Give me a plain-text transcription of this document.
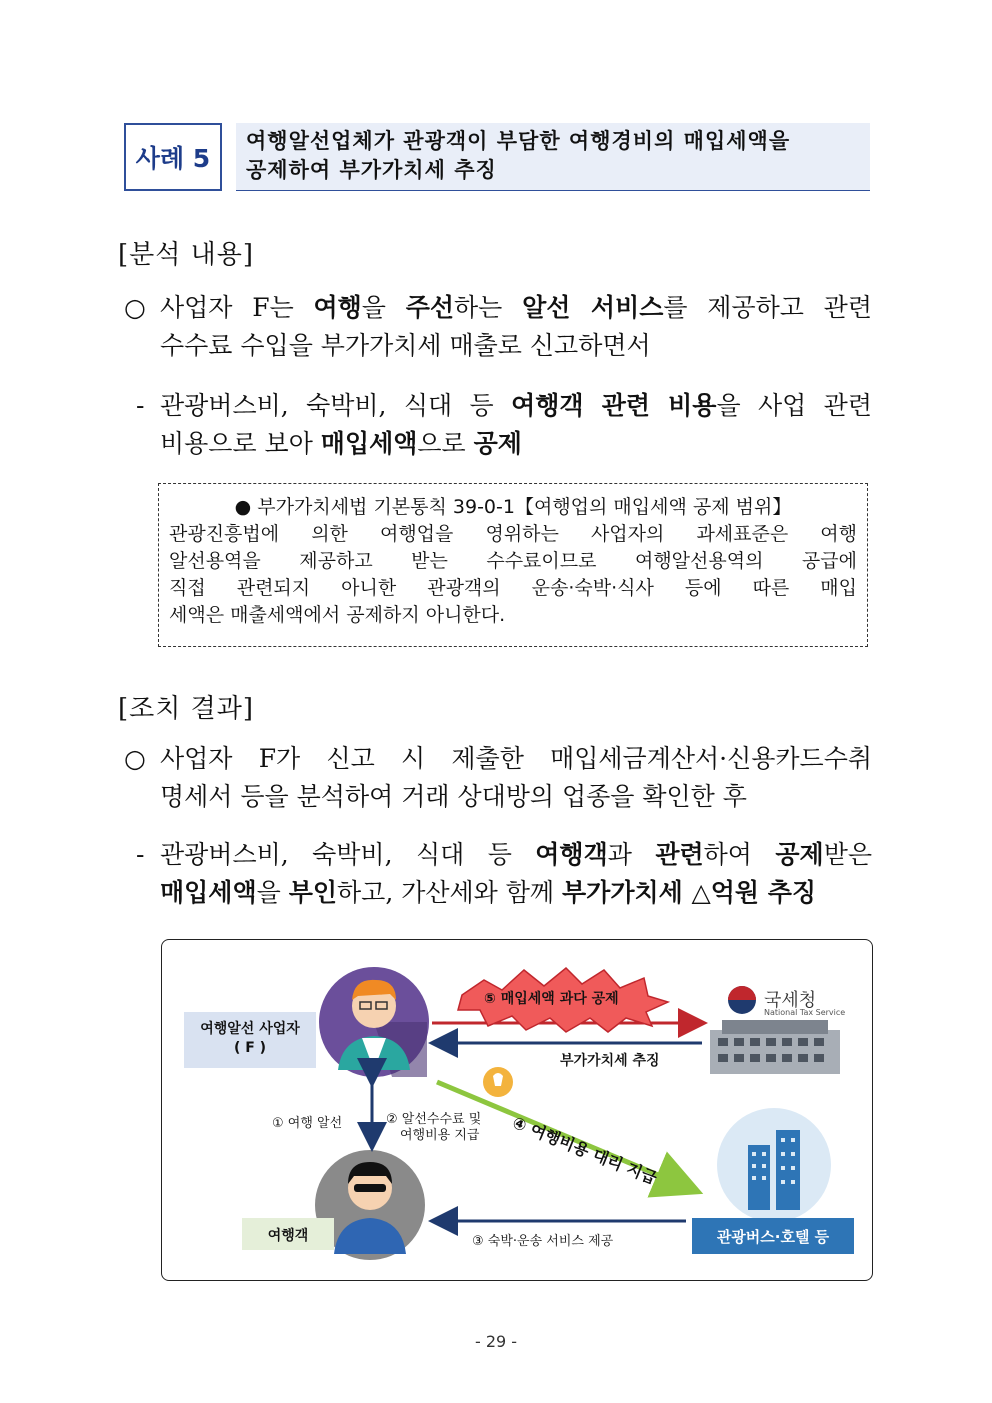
사례 5
여행알선업체가 관광객이 부담한 여행경비의 매입세액을
공제하여 부가가치세 추징
[분석 내용]
○ 사업자 F는 여행을 주선하는 알선 서비스를 제공하고 관련
수수료 수입을 부가가치세 매출로 신고하면서
- 관광버스비, 숙박비, 식대 등 여행객 관련 비용을 사업 관련
비용으로 보아 매입세액으로 공제
● 부가가치세법 기본통칙 39-0-1【여행업의 매입세액 공제 범위】
관광진흥법에 의한 여행업을 영위하는 사업자의 과세표준은 여행
알선용역을 제공하고 받는 수수료이므로 여행알선용역의 공급에
직접 관련되지 아니한 관광객의 운송·숙박·식사 등에 따른 매입
세액은 매출세액에서 공제하지 아니한다.
[조치 결과]
○ 사업자 F가 신고 시 제출한 매입세금계산서·신용카드수취
명세서 등을 분석하여 거래 상대방의 업종을 확인한 후
- 관광버스비, 숙박비, 식대 등 여행객과 관련하여 공제받은
매입세액을 부인하고, 가산세와 함께 부가가치세 △억원 추징
여행알선 사업자
( F )
여행객
⑤ 매입세액 과다 공제	국세청
National Tax Service
부가가치세 추징
① 여행 알선	② 알선수수료 및
여행비용 지급 ④ 여행비용 대리 지급
③ 숙박·운송 서비스 제공	관광버스·호텔 등
- 29 -
